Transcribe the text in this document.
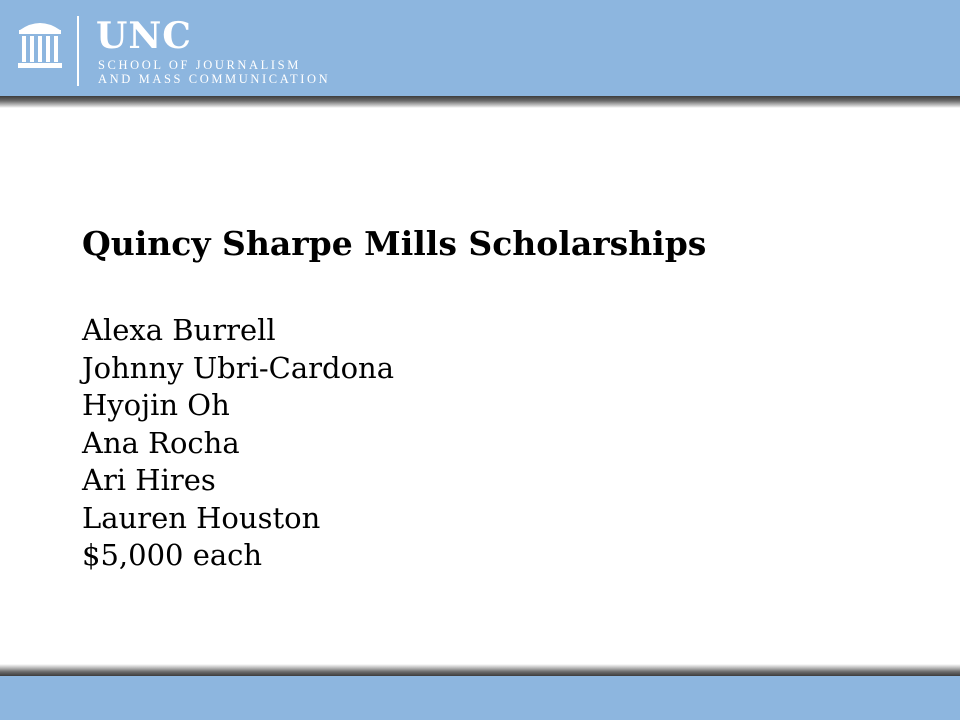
UNC
SCHOOL OF JOURNALISM
AND MASS COMMUNICATION
Quincy Sharpe Mills Scholarships
Alexa Burrell
Johnny Ubri-Cardona
Hyojin Oh
Ana Rocha
Ari Hires
Lauren Houston
$5,000 each
